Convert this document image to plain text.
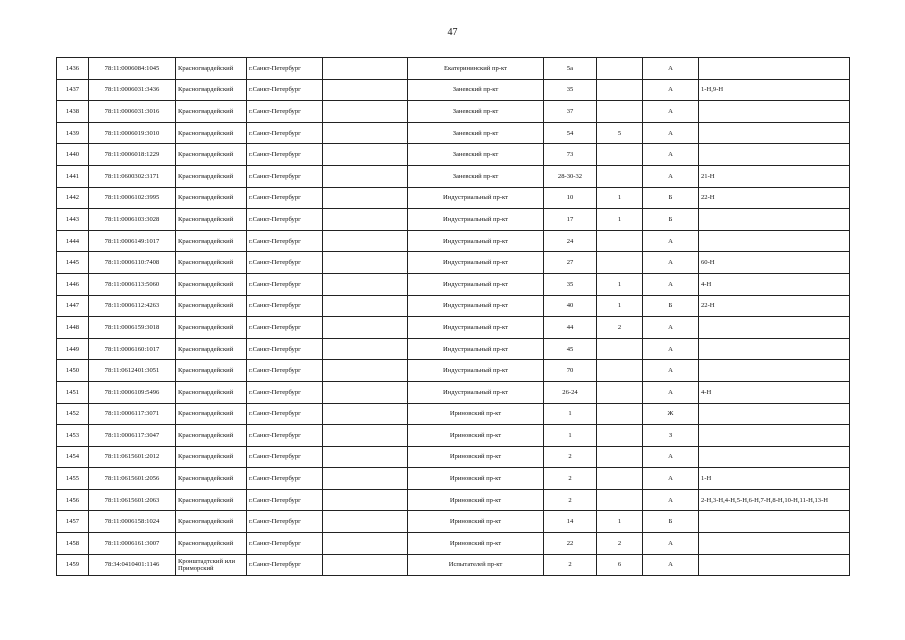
47
1436	78:11:0006084:1045	Красногвардейский	г.Санкт-Петербург		Екатерининский пр-кт	5а		А	
1437	78:11:0006031:3436	Красногвардейский	г.Санкт-Петербург		Заневский пр-кт	35		А	1-Н,9-Н
1438	78:11:0006031:3016	Красногвардейский	г.Санкт-Петербург		Заневский пр-кт	37		А	
1439	78:11:0006019:3010	Красногвардейский	г.Санкт-Петербург		Заневский пр-кт	54	5	А	
1440	78:11:0006018:1229	Красногвардейский	г.Санкт-Петербург		Заневский пр-кт	73		А	
1441	78:11:0600302:3171	Красногвардейский	г.Санкт-Петербург		Заневский пр-кт	28-30-32		А	21-Н
1442	78:11:0006102:3995	Красногвардейский	г.Санкт-Петербург		Индустриальный пр-кт	10	1	Б	22-Н
1443	78:11:0006103:3028	Красногвардейский	г.Санкт-Петербург		Индустриальный пр-кт	17	1	Б	
1444	78:11:0006149:1017	Красногвардейский	г.Санкт-Петербург		Индустриальный пр-кт	24		А	
1445	78:11:0006110:7408	Красногвардейский	г.Санкт-Петербург		Индустриальный пр-кт	27		А	60-Н
1446	78:11:0006113:5060	Красногвардейский	г.Санкт-Петербург		Индустриальный пр-кт	35	1	А	4-Н
1447	78:11:0006112:4263	Красногвардейский	г.Санкт-Петербург		Индустриальный пр-кт	40	1	Б	22-Н
1448	78:11:0006159:3018	Красногвардейский	г.Санкт-Петербург		Индустриальный пр-кт	44	2	А	
1449	78:11:0006160:1017	Красногвардейский	г.Санкт-Петербург		Индустриальный пр-кт	45		А	
1450	78:11:0612401:3051	Красногвардейский	г.Санкт-Петербург		Индустриальный пр-кт	70		А	
1451	78:11:0006109:5496	Красногвардейский	г.Санкт-Петербург		Индустриальный пр-кт	26-24		А	4-Н
1452	78:11:0006117:3071	Красногвардейский	г.Санкт-Петербург		Ириновский пр-кт	1		Ж	
1453	78:11:0006117:3047	Красногвардейский	г.Санкт-Петербург		Ириновский пр-кт	1		З	
1454	78:11:0615601:2012	Красногвардейский	г.Санкт-Петербург		Ириновский пр-кт	2		А	
1455	78:11:0615601:2056	Красногвардейский	г.Санкт-Петербург		Ириновский пр-кт	2		А	1-Н
1456	78:11:0615601:2063	Красногвардейский	г.Санкт-Петербург		Ириновский пр-кт	2		А	2-Н,3-Н,4-Н,5-Н,6-Н,7-Н,8-Н,10-Н,11-Н,13-Н
1457	78:11:0006158:1024	Красногвардейский	г.Санкт-Петербург		Ириновский пр-кт	14	1	Б	
1458	78:11:0006161:3007	Красногвардейский	г.Санкт-Петербург		Ириновский пр-кт	22	2	А	
1459	78:34:0410401:1146	Кронштадтский или Приморский	г.Санкт-Петербург		Испытателей пр-кт	2	6	А	
